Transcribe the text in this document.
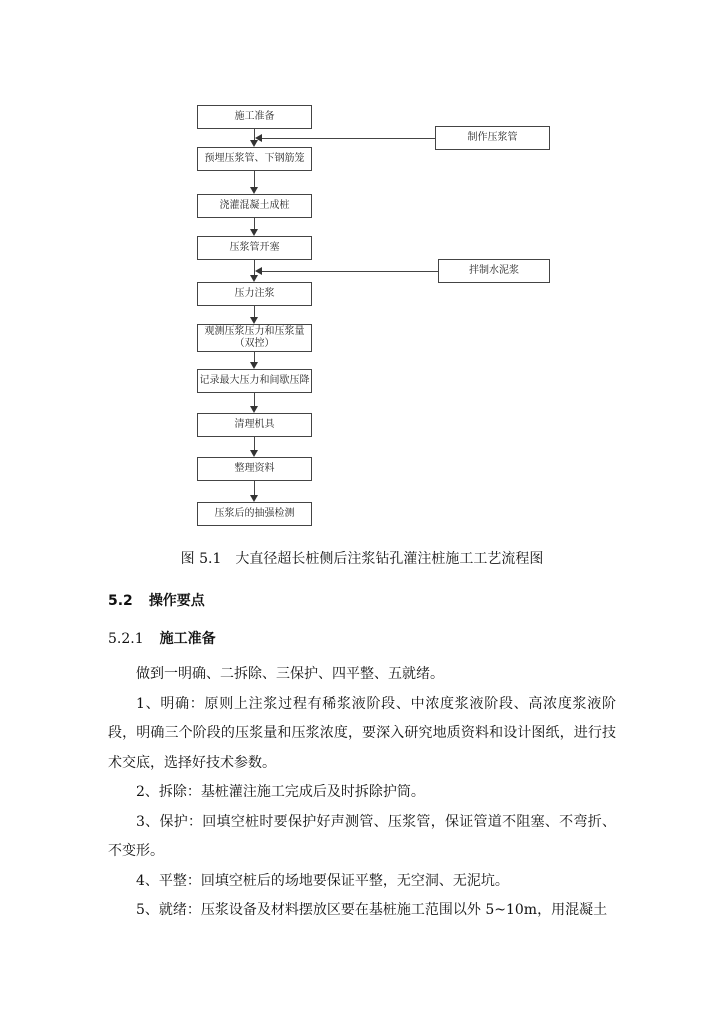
施工准备
预埋压浆管、下钢筋笼
浇灌混凝土成桩
压浆管开塞
压力注浆
观测压浆压力和压浆量
（双控）
记录最大压力和间歇压降
清理机具
整理资料
压浆后的抽强检测
制作压浆管
拌制水泥浆
图 5.1　大直径超长桩侧后注浆钻孔灌注桩施工工艺流程图
5.2 操作要点
5.2.1 施工准备

做到一明确、二拆除、三保护、四平整、五就绪。

1、明确：原则上注浆过程有稀浆液阶段、中浓度浆液阶段、高浓度浆液阶段，明确三个阶段的压浆量和压浆浓度，要深入研究地质资料和设计图纸，进行技术交底，选择好技术参数。

2、拆除：基桩灌注施工完成后及时拆除护筒。

3、保护：回填空桩时要保护好声测管、压浆管，保证管道不阻塞、不弯折、不变形。

4、平整：回填空桩后的场地要保证平整，无空洞、无泥坑。

5、就绪：压浆设备及材料摆放区要在基桩施工范围以外 5~10m，用混凝土
